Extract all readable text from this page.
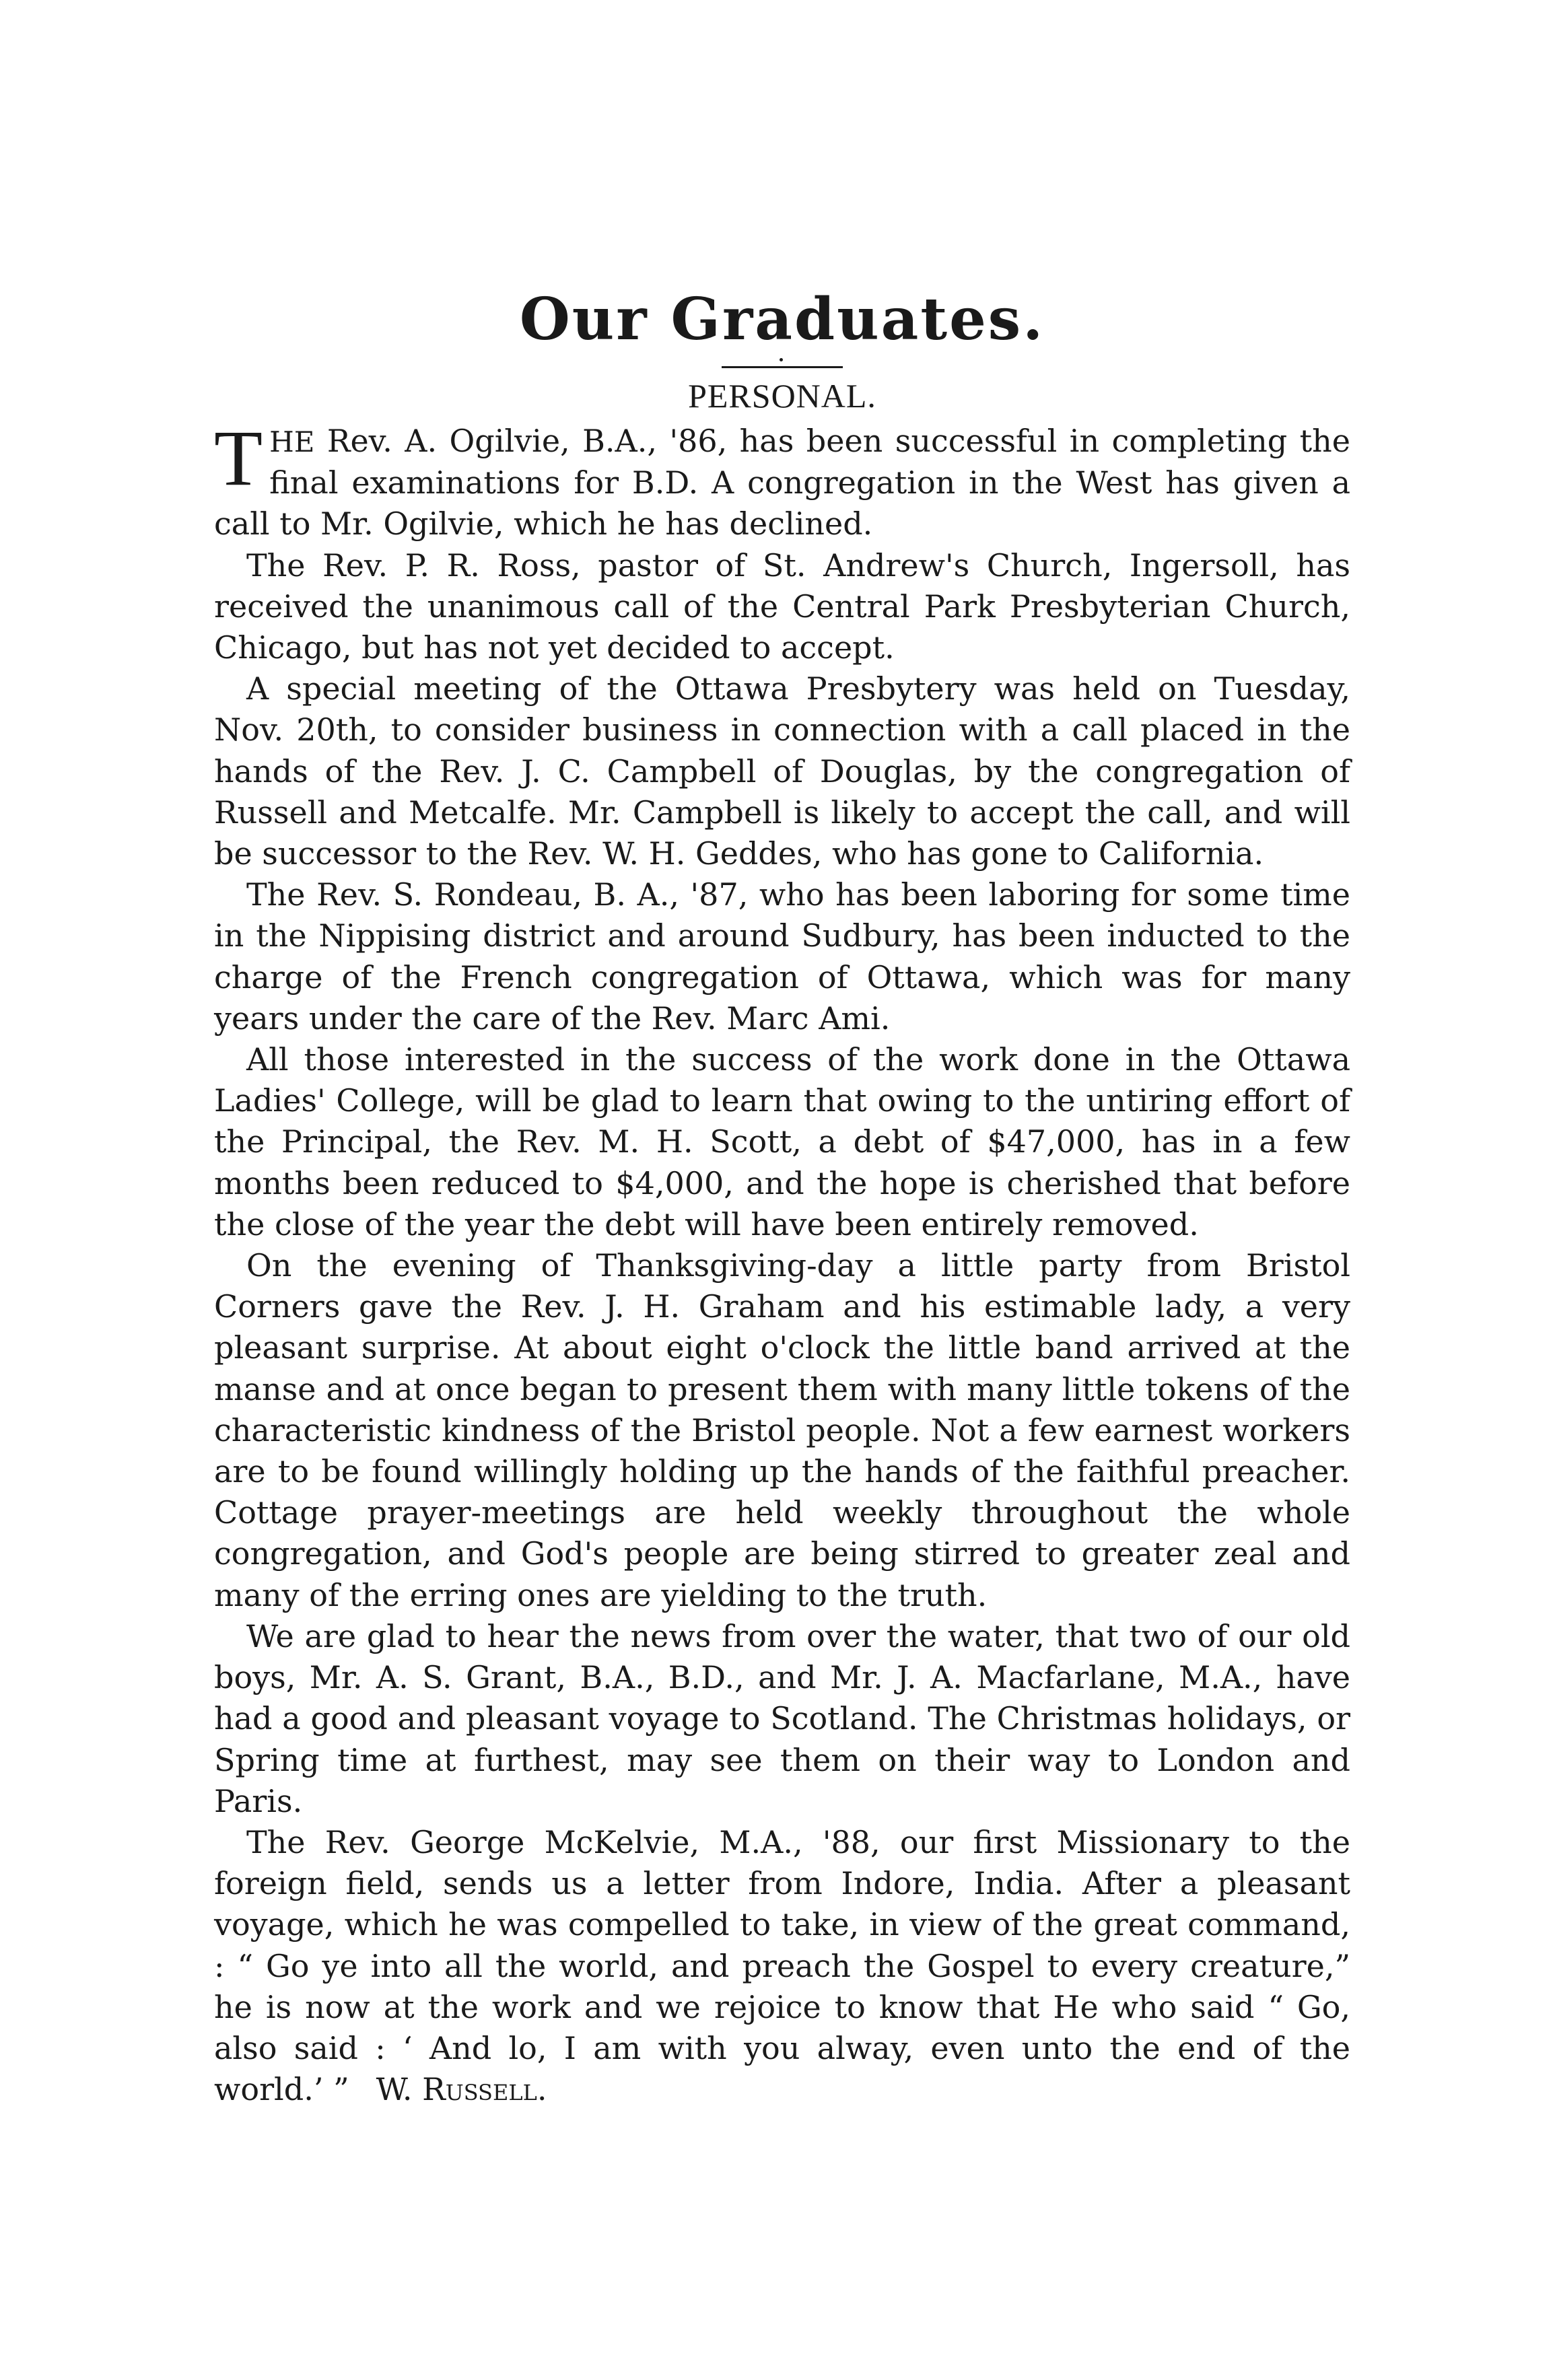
Our Graduates.
PERSONAL.

THE Rev. A. Ogilvie, B.A., '86, has been successful in completing the final examinations for B.D. A congregation in the West has given a call to Mr. Ogilvie, which he has declined.

The Rev. P. R. Ross, pastor of St. Andrew's Church, Ingersoll, has received the unanimous call of the Central Park Presbyterian Church, Chicago, but has not yet decided to accept.

A special meeting of the Ottawa Presbytery was held on Tuesday, Nov. 20th, to consider business in connection with a call placed in the hands of the Rev. J. C. Campbell of Douglas, by the congregation of Russell and Metcalfe. Mr. Campbell is likely to accept the call, and will be successor to the Rev. W. H. Geddes, who has gone to California.

The Rev. S. Rondeau, B. A., '87, who has been laboring for some time in the Nippising district and around Sudbury, has been inducted to the charge of the French congregation of Ottawa, which was for many years under the care of the Rev. Marc Ami.

All those interested in the success of the work done in the Ottawa Ladies' College, will be glad to learn that owing to the untiring effort of the Principal, the Rev. M. H. Scott, a debt of $47,000, has in a few months been reduced to $4,000, and the hope is cherished that before the close of the year the debt will have been entirely removed.

On the evening of Thanksgiving-day a little party from Bristol Corners gave the Rev. J. H. Graham and his estimable lady, a very pleasant surprise. At about eight o'clock the little band arrived at the manse and at once began to present them with many little tokens of the characteristic kindness of the Bristol people. Not a few earnest workers are to be found willingly holding up the hands of the faithful preacher. Cottage prayer-meetings are held weekly throughout the whole congregation, and God's people are being stirred to greater zeal and many of the erring ones are yielding to the truth.

We are glad to hear the news from over the water, that two of our old boys, Mr. A. S. Grant, B.A., B.D., and Mr. J. A. Macfarlane, M.A., have had a good and pleasant voyage to Scotland. The Christmas holidays, or Spring time at furthest, may see them on their way to London and Paris.

The Rev. George McKelvie, M.A., '88, our first Missionary to the foreign field, sends us a letter from Indore, India. After a pleasant voyage, which he was compelled to take, in view of the great command, : “ Go ye into all the world, and preach the Gospel to every creature,” he is now at the work and we rejoice to know that He who said “ Go, also said : ‘ And lo, I am with you alway, even unto the end of the world.’ ” W. Russell.
